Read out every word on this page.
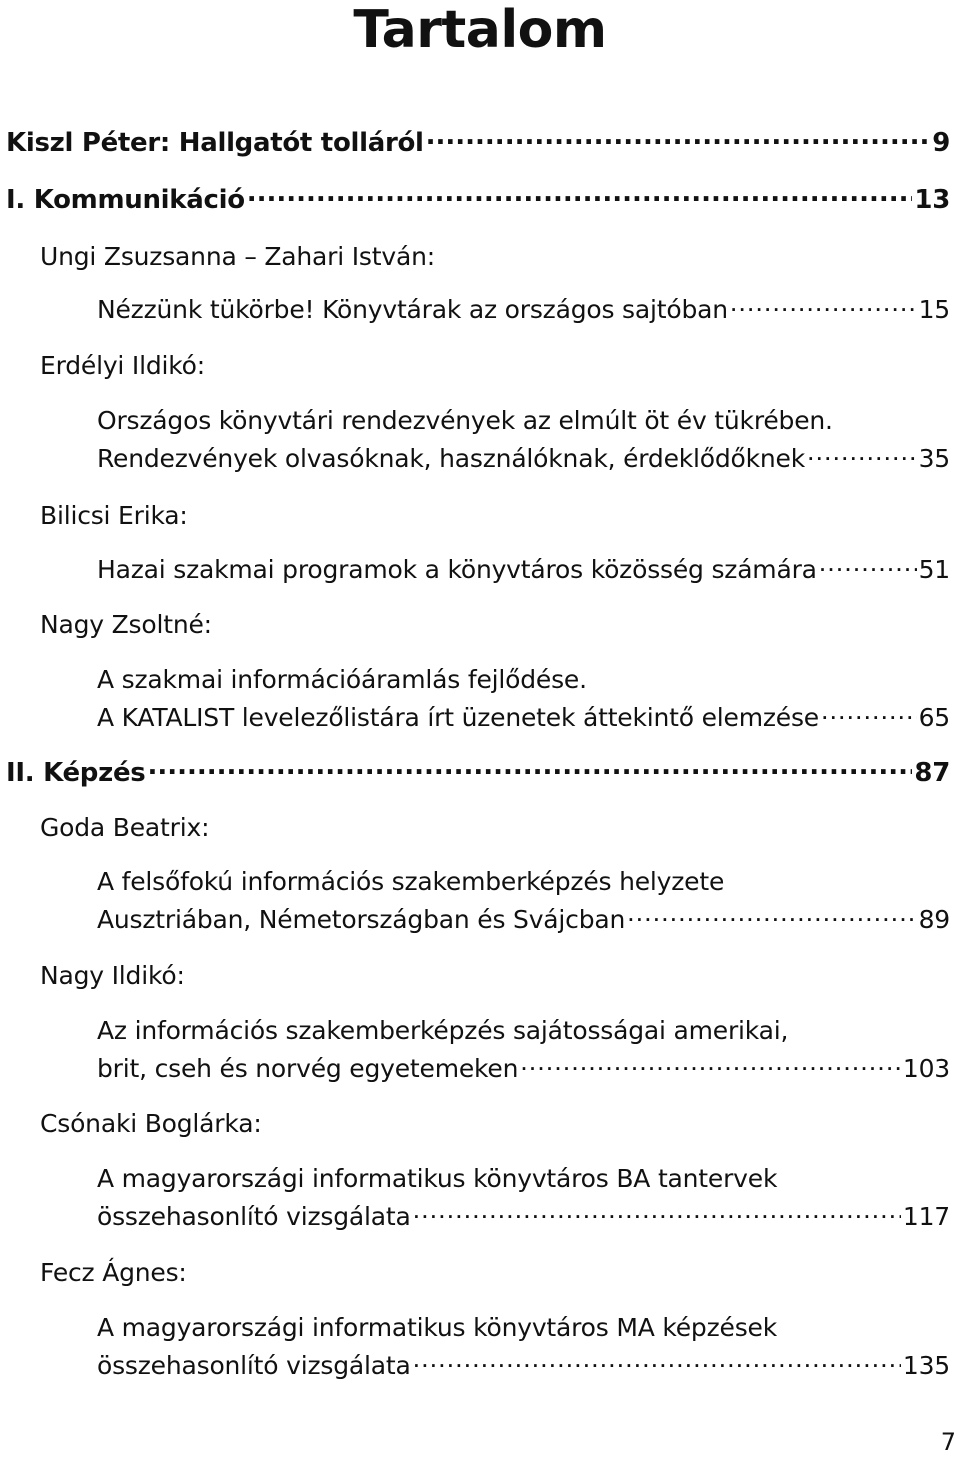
Tartalom
Kiszl Péter: Hallgatót tolláról .....	9
I. Kommunikáció .....	13
Ungi Zsuzsanna – Zahari István:
Nézzünk tükörbe! Könyvtárak az országos sajtóban .....	15
Erdélyi Ildikó:
Országos könyvtári rendezvények az elmúlt öt év tükrében.
Rendezvények olvasóknak, használóknak, érdeklődőknek .....	35
Bilicsi Erika:
Hazai szakmai programok a könyvtáros közösség számára .....	51
Nagy Zsoltné:
A szakmai információáramlás fejlődése.
A KATALIST levelezőlistára írt üzenetek áttekintő elemzése .....	65
II. Képzés .....	87
Goda Beatrix:
A felsőfokú információs szakemberképzés helyzete
Ausztriában, Németországban és Svájcban .....	89
Nagy Ildikó:
Az információs szakemberképzés sajátosságai amerikai,
brit, cseh és norvég egyetemeken .....	103
Csónaki Boglárka:
A magyarországi informatikus könyvtáros BA tantervek
összehasonlító vizsgálata .....	117
Fecz Ágnes:
A magyarországi informatikus könyvtáros MA képzések
összehasonlító vizsgálata .....	135
7
